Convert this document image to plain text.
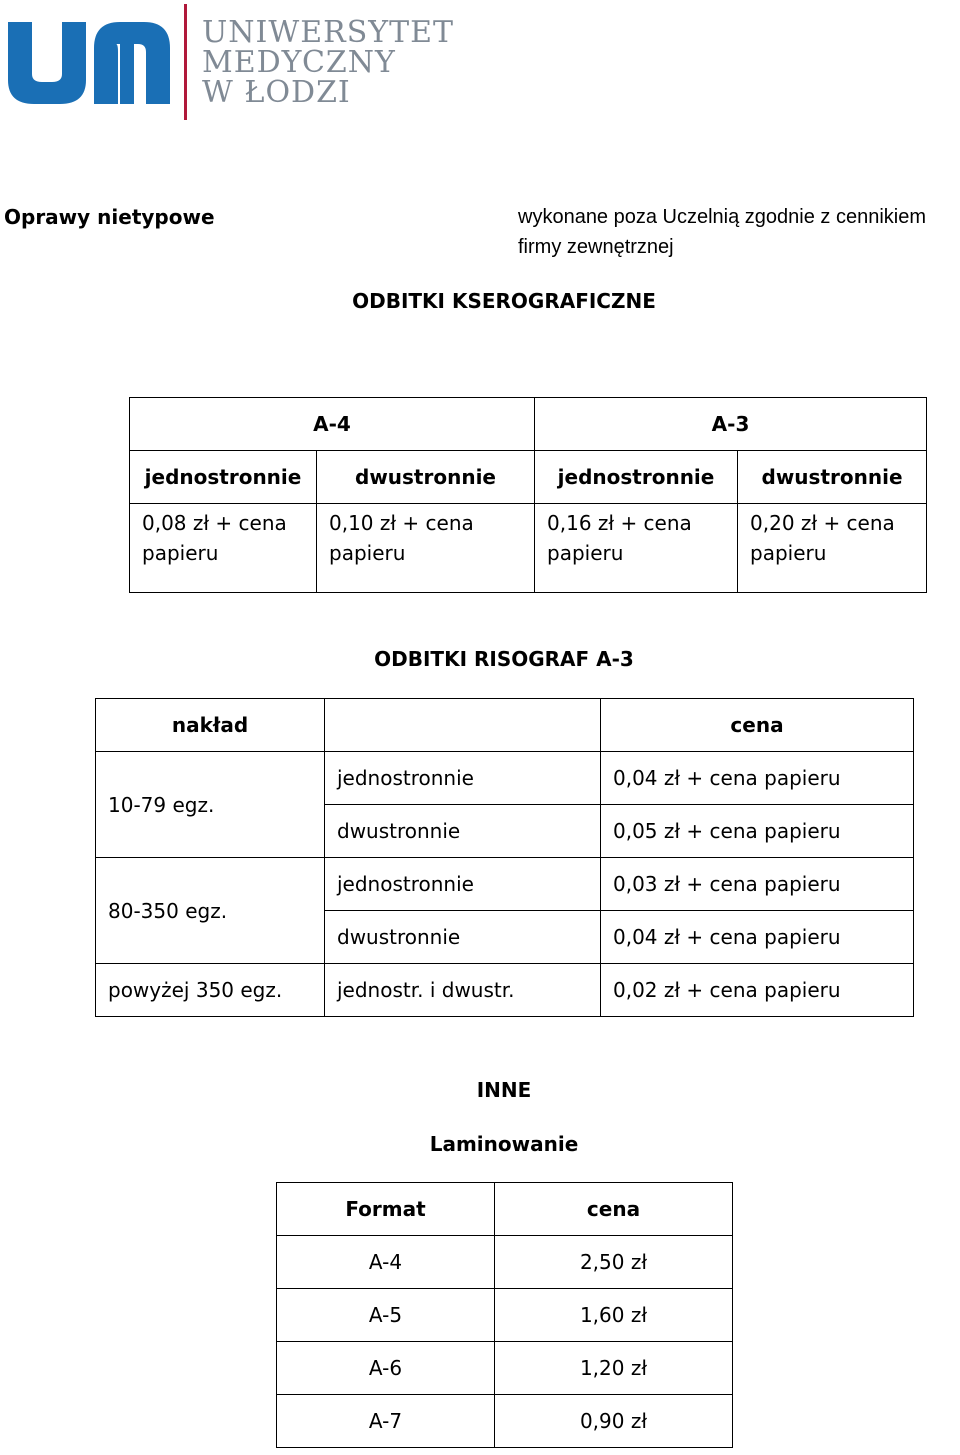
UNIWERSYTET
MEDYCZNY
W ŁODZI
Oprawy nietypowe	wykonane poza Uczelnią zgodnie z cennikiem firmy zewnętrznej
ODBITKI KSEROGRAFICZNE
A-4		A-3	
jednostronnie	dwustronnie	jednostronnie	dwustronnie
0,08 zł + cena papieru	0,10 zł + cena papieru	0,16 zł + cena papieru	0,20 zł + cena papieru
ODBITKI RISOGRAF A-3
nakład		cena
10-79 egz.	jednostronnie	0,04 zł + cena papieru
	dwustronnie	0,05 zł + cena papieru
80-350 egz.	jednostronnie	0,03 zł + cena papieru
	dwustronnie	0,04 zł + cena papieru
powyżej 350 egz.	jednostr. i dwustr.	0,02 zł + cena papieru
INNE
Laminowanie
Format	cena
A-4	2,50 zł
A-5	1,60 zł
A-6	1,20 zł
A-7	0,90 zł
